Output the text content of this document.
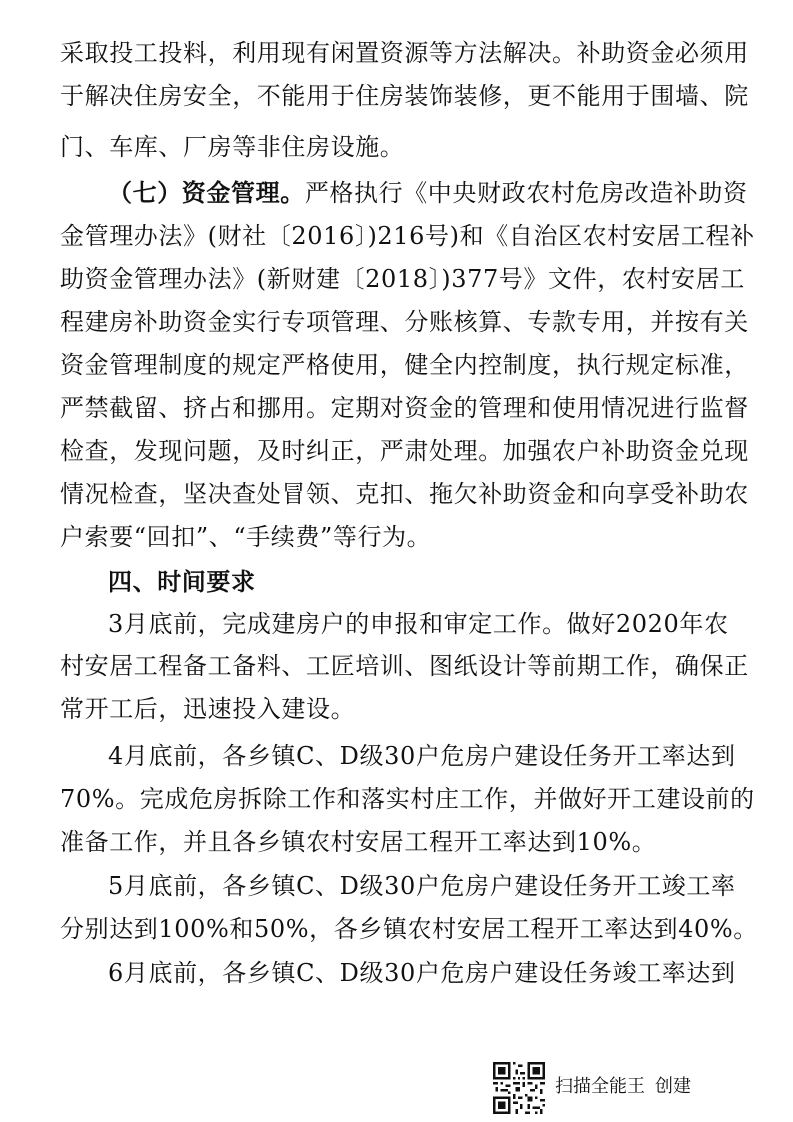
采取投工投料，利用现有闲置资源等方法解决。补助资金必须用
于解决住房安全，不能用于住房装饰装修，更不能用于围墙、院
门、车库、厂房等非住房设施。
（七）资金管理。严格执行《中央财政农村危房改造补助资
金管理办法》(财社〔2016〕)216号)和《自治区农村安居工程补
助资金管理办法》(新财建〔2018〕)377号》文件，农村安居工
程建房补助资金实行专项管理、分账核算、专款专用，并按有关
资金管理制度的规定严格使用，健全内控制度，执行规定标准，
严禁截留、挤占和挪用。定期对资金的管理和使用情况进行监督
检查，发现问题，及时纠正，严肃处理。加强农户补助资金兑现
情况检查，坚决查处冒领、克扣、拖欠补助资金和向享受补助农
户索要“回扣”、“手续费”等行为。
四、时间要求
3月底前，完成建房户的申报和审定工作。做好2020年农
村安居工程备工备料、工匠培训、图纸设计等前期工作，确保正
常开工后，迅速投入建设。
4月底前，各乡镇C、D级30户危房户建设任务开工率达到
70%。完成危房拆除工作和落实村庄工作，并做好开工建设前的
准备工作，并且各乡镇农村安居工程开工率达到10%。
5月底前，各乡镇C、D级30户危房户建设任务开工竣工率
分别达到100%和50%，各乡镇农村安居工程开工率达到40%。
6月底前，各乡镇C、D级30户危房户建设任务竣工率达到
扫描全能王 创建
